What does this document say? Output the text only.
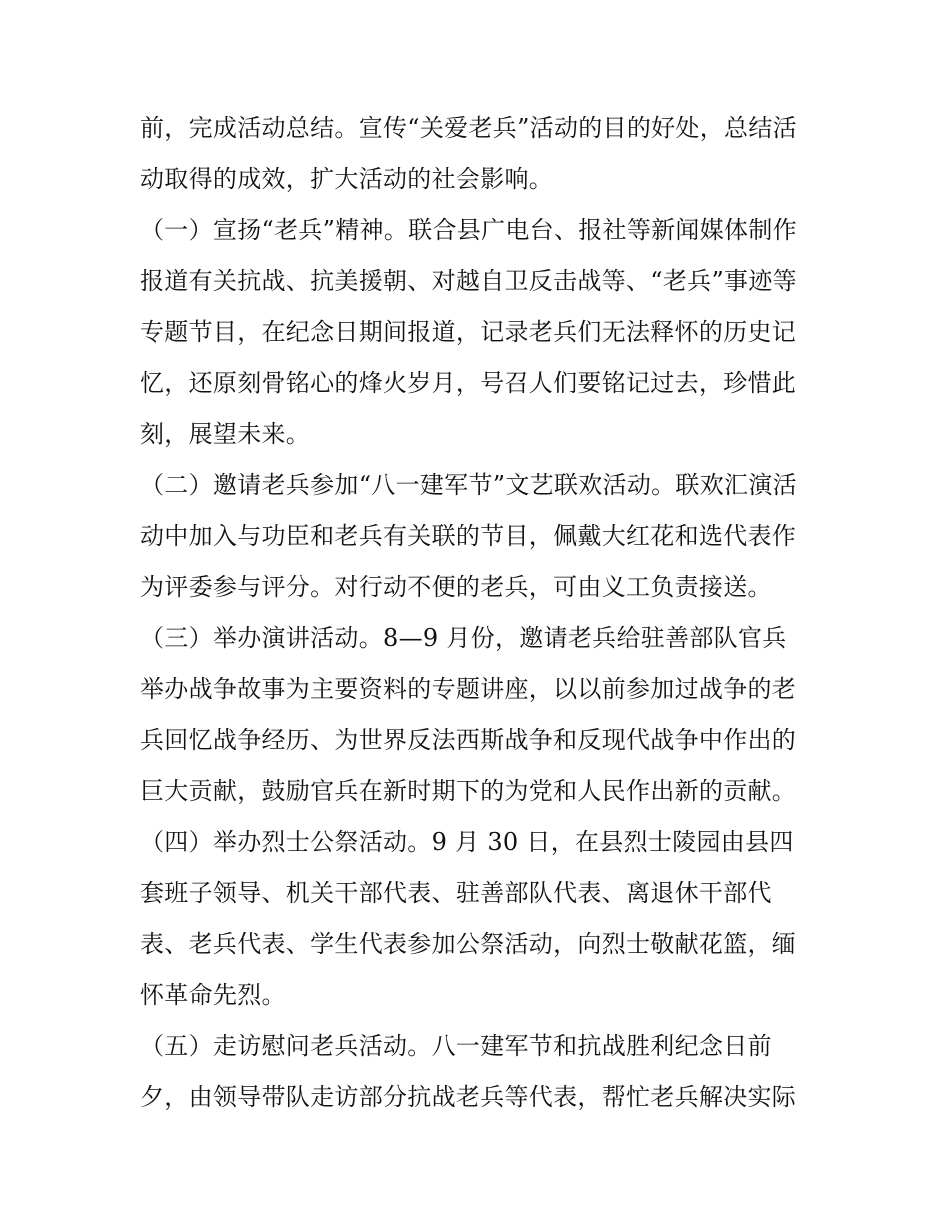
前，完成活动总结。宣传“关爱老兵”活动的目的好处，总结活
动取得的成效，扩大活动的社会影响。
（一）宣扬“老兵”精神。联合县广电台、报社等新闻媒体制作
报道有关抗战、抗美援朝、对越自卫反击战等、“老兵”事迹等
专题节目，在纪念日期间报道，记录老兵们无法释怀的历史记
忆，还原刻骨铭心的烽火岁月，号召人们要铭记过去，珍惜此
刻，展望未来。
（二）邀请老兵参加“八一建军节”文艺联欢活动。联欢汇演活
动中加入与功臣和老兵有关联的节目，佩戴大红花和选代表作
为评委参与评分。对行动不便的老兵，可由义工负责接送。
（三）举办演讲活动。8—9 月份，邀请老兵给驻善部队官兵
举办战争故事为主要资料的专题讲座，以以前参加过战争的老
兵回忆战争经历、为世界反法西斯战争和反现代战争中作出的
巨大贡献，鼓励官兵在新时期下的为党和人民作出新的贡献。
（四）举办烈士公祭活动。9 月 30 日，在县烈士陵园由县四
套班子领导、机关干部代表、驻善部队代表、离退休干部代
表、老兵代表、学生代表参加公祭活动，向烈士敬献花篮，缅
怀革命先烈。
（五）走访慰问老兵活动。八一建军节和抗战胜利纪念日前
夕，由领导带队走访部分抗战老兵等代表，帮忙老兵解决实际
